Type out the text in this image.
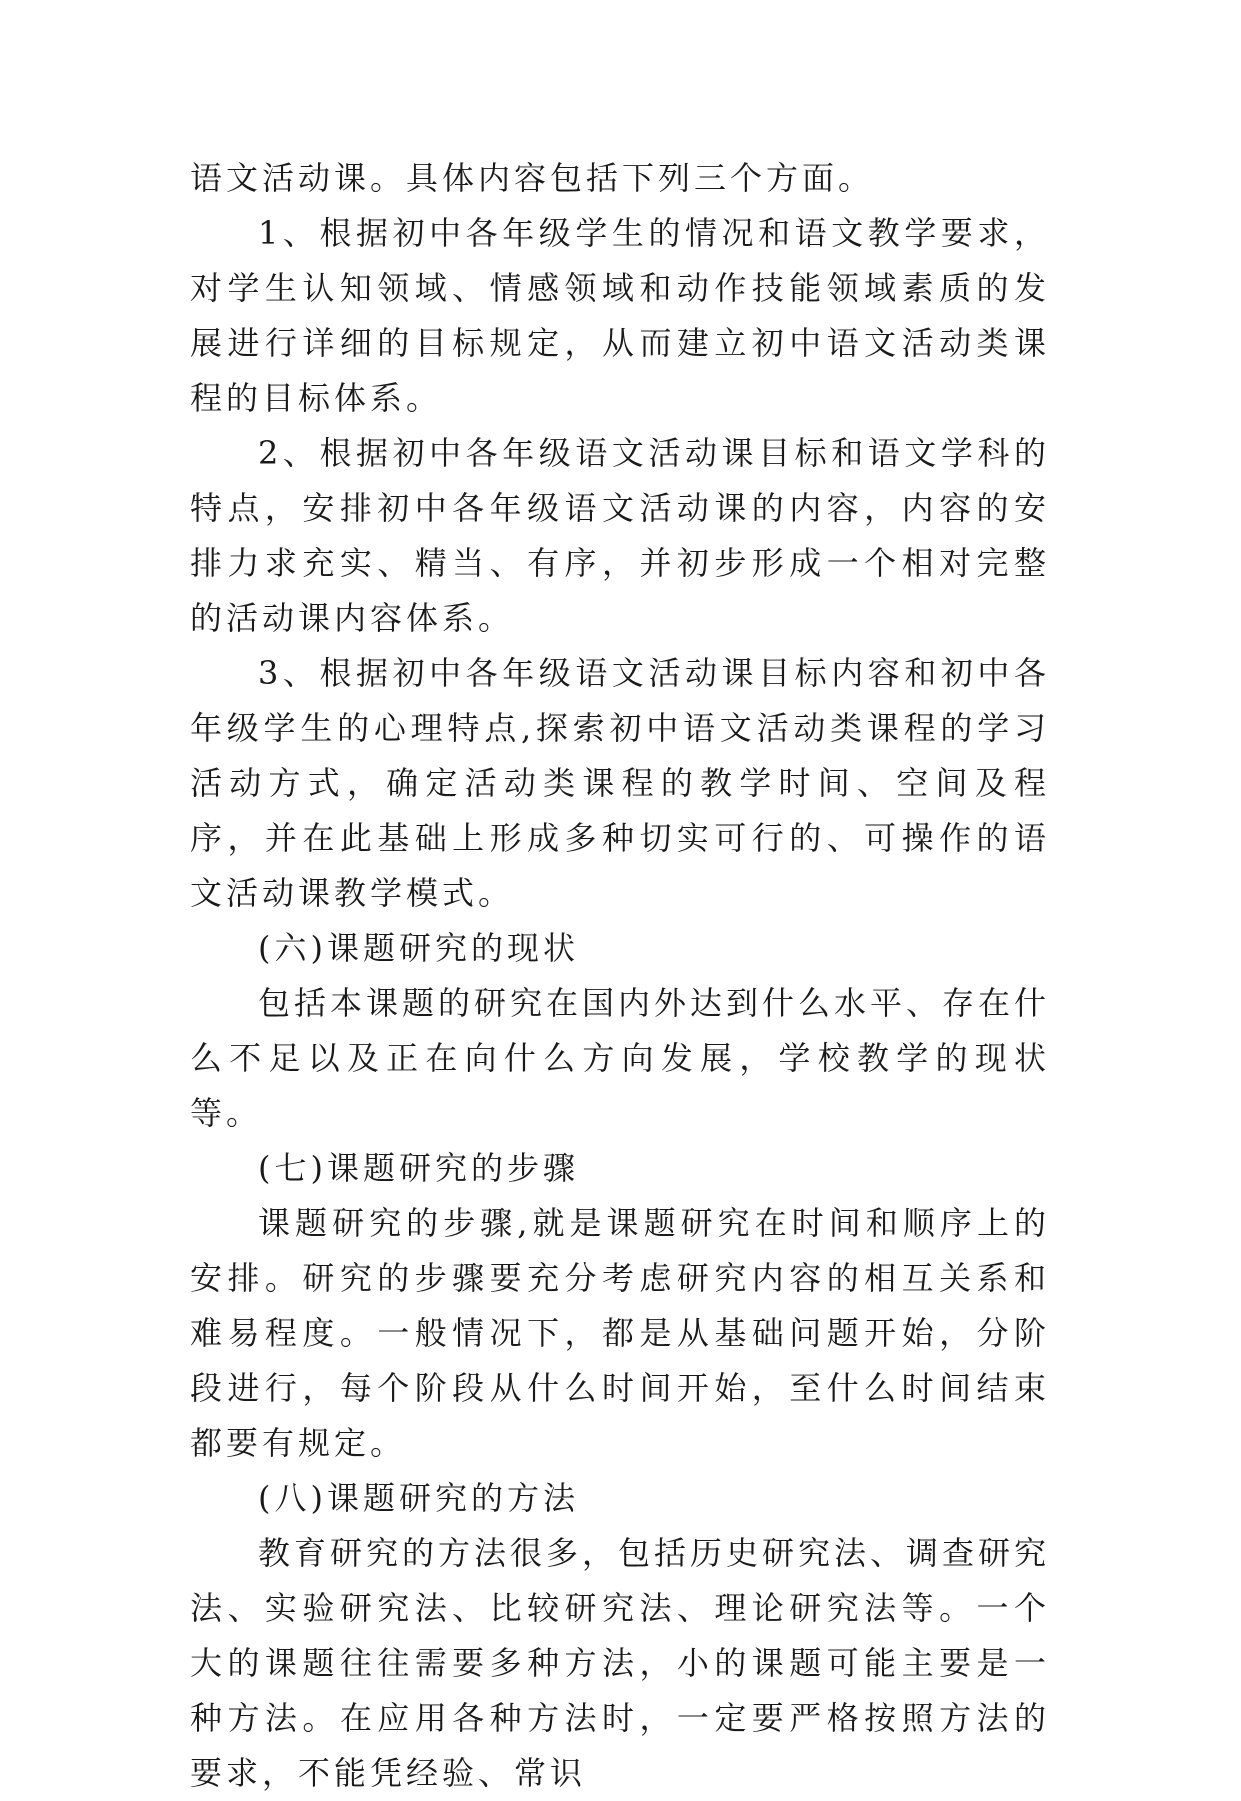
语文活动课。具体内容包括下列三个方面。

1、根据初中各年级学生的情况和语文教学要求，对学生认知领域、情感领域和动作技能领域素质的发展进行详细的目标规定，从而建立初中语文活动类课程的目标体系。

2、根据初中各年级语文活动课目标和语文学科的特点，安排初中各年级语文活动课的内容，内容的安排力求充实、精当、有序，并初步形成一个相对完整的活动课内容体系。

3、根据初中各年级语文活动课目标内容和初中各年级学生的心理特点,探索初中语文活动类课程的学习活动方式，确定活动类课程的教学时间、空间及程序，并在此基础上形成多种切实可行的、可操作的语文活动课教学模式。

(六)课题研究的现状

包括本课题的研究在国内外达到什么水平、存在什么不足以及正在向什么方向发展，学校教学的现状等。

(七)课题研究的步骤

课题研究的步骤,就是课题研究在时间和顺序上的安排。研究的步骤要充分考虑研究内容的相互关系和难易程度。一般情况下，都是从基础问题开始，分阶段进行，每个阶段从什么时间开始，至什么时间结束都要有规定。

(八)课题研究的方法

教育研究的方法很多，包括历史研究法、调查研究法、实验研究法、比较研究法、理论研究法等。一个大的课题往往需要多种方法，小的课题可能主要是一种方法。在应用各种方法时，一定要严格按照方法的要求，不能凭经验、常识
